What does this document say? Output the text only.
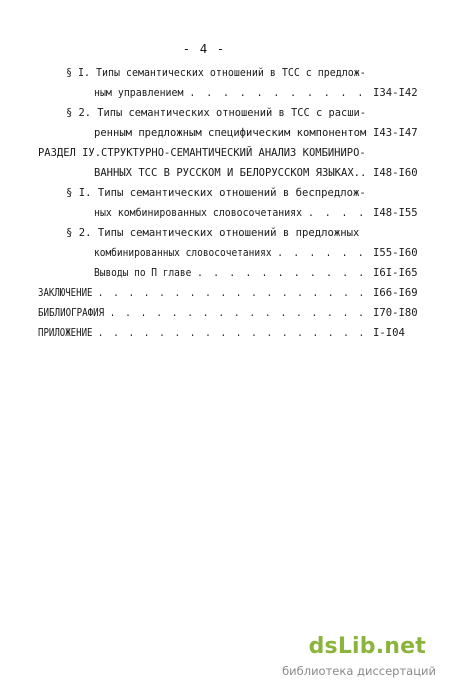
- 4 -
§ I. Типы семантических отношений в ТСС с предлож-
ным управлением . . . . . . . . . . . I34-I42
§ 2. Типы семантических отношений в ТСС с расши-
ренным предложным специфическим компонентом I43-I47
РАЗДЕЛ IУ.СТРУКТУРНО-СЕМАНТИЧЕСКИЙ АНАЛИЗ КОМБИНИРО-
ВАННЫХ ТСС В РУССКОМ И БЕЛОРУССКОМ ЯЗЫКАХ.. I48-I60
§ I. Типы семантических отношений в беспредлож-
ных комбинированных словосочетаниях . . . . I48-I55
§ 2. Типы семантических отношений в предложных
комбинированных словосочетаниях . . . . . . I55-I60
Выводы по П главе . . . . . . . . . . . I6I-I65
ЗАКЛЮЧЕНИЕ . . . . . . . . . . . . . . . . . . I66-I69
БИБЛИОГРАФИЯ . . . . . . . . . . . . . . . . . I70-I80
ПРИЛОЖЕНИЕ . . . . . . . . . . . . . . . . . . I-I04
dsLib.net
библиотека диссертаций
